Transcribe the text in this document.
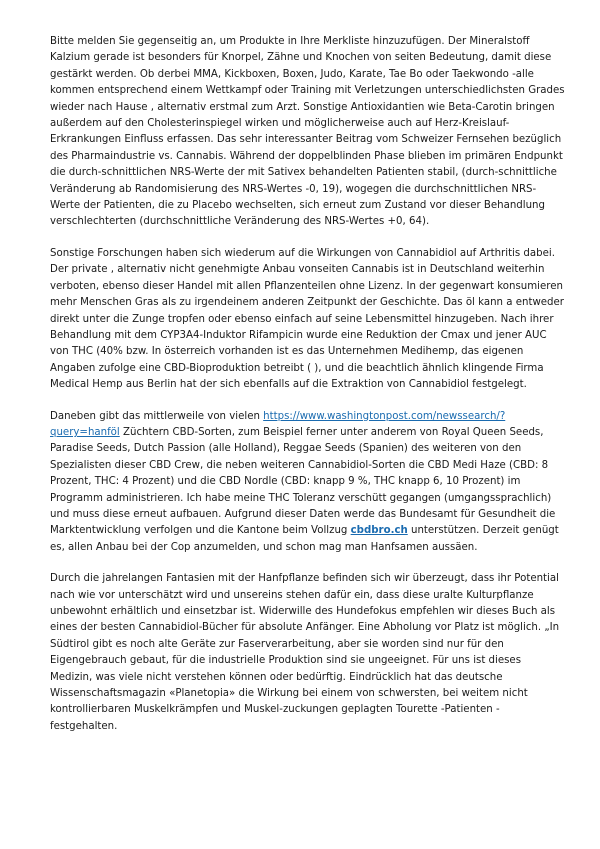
Bitte melden Sie gegenseitig an, um Produkte in Ihre Merkliste hinzuzufügen. Der Mineralstoff Kalzium gerade ist besonders für Knorpel, Zähne und Knochen von seiten Bedeutung, damit diese gestärkt werden. Ob derbei MMA, Kickboxen, Boxen, Judo, Karate, Tae Bo oder Taekwondo -alle kommen entsprechend einem Wettkampf oder Training mit Verletzungen unterschiedlichsten Grades wieder nach Hause , alternativ erstmal zum Arzt. Sonstige Antioxidantien wie Beta-Carotin bringen außerdem auf den Cholesterinspiegel wirken und möglicherweise auch auf Herz-Kreislauf-Erkrankungen Einfluss erfassen. Das sehr interessanter Beitrag vom Schweizer Fernsehen bezüglich des Pharmaindustrie vs. Cannabis. Während der doppelblinden Phase blieben im primären Endpunkt die durch-schnittlichen NRS-Werte der mit Sativex behandelten Patienten stabil, (durch-schnittliche Veränderung ab Randomisierung des NRS-Wertes -0, 19), wogegen die durchschnittlichen NRS-Werte der Patienten, die zu Placebo wechselten, sich erneut zum Zustand vor dieser Behandlung verschlechterten (durchschnittliche Veränderung des NRS-Wertes +0, 64).

Sonstige Forschungen haben sich wiederum auf die Wirkungen von Cannabidiol auf Arthritis dabei. Der private , alternativ nicht genehmigte Anbau vonseiten Cannabis ist in Deutschland weiterhin verboten, ebenso dieser Handel mit allen Pflanzenteilen ohne Lizenz. In der gegenwart konsumieren mehr Menschen Gras als zu irgendeinem anderen Zeitpunkt der Geschichte. Das öl kann a entweder direkt unter die Zunge tropfen oder ebenso einfach auf seine Lebensmittel hinzugeben. Nach ihrer Behandlung mit dem CYP3A4-Induktor Rifampicin wurde eine Reduktion der Cmax und jener AUC von THC (40% bzw. In österreich vorhanden ist es das Unternehmen Medihemp, das eigenen Angaben zufolge eine CBD-Bioproduktion betreibt ( ), und die beachtlich ähnlich klingende Firma Medical Hemp aus Berlin hat der sich ebenfalls auf die Extraktion von Cannabidiol festgelegt.

Daneben gibt das mittlerweile von vielen https://www.washingtonpost.com/newssearch/?query=hanföl Züchtern CBD-Sorten, zum Beispiel ferner unter anderem von Royal Queen Seeds, Paradise Seeds, Dutch Passion (alle Holland), Reggae Seeds (Spanien) des weiteren von den Spezialisten dieser CBD Crew, die neben weiteren Cannabidiol-Sorten die CBD Medi Haze (CBD: 8 Prozent, THC: 4 Prozent) und die CBD Nordle (CBD: knapp 9 %, THC knapp 6, 10 Prozent) im Programm administrieren. Ich habe meine THC Toleranz verschütt gegangen (umgangssprachlich) und muss diese erneut aufbauen. Aufgrund dieser Daten werde das Bundesamt für Gesundheit die Marktentwicklung verfolgen und die Kantone beim Vollzug cbdbro.ch unterstützen. Derzeit genügt es, allen Anbau bei der Cop anzumelden, und schon mag man Hanfsamen aussäen.

Durch die jahrelangen Fantasien mit der Hanfpflanze befinden sich wir überzeugt, dass ihr Potential nach wie vor unterschätzt wird und unsereins stehen dafür ein, dass diese uralte Kulturpflanze unbewohnt erhältlich und einsetzbar ist. Widerwille des Hundefokus empfehlen wir dieses Buch als eines der besten Cannabidiol-Bücher für absolute Anfänger. Eine Abholung vor Platz ist möglich. „In Südtirol gibt es noch alte Geräte zur Faserverarbeitung, aber sie worden sind nur für den Eigengebrauch gebaut, für die industrielle Produktion sind sie ungeeignet. Für uns ist dieses Medizin, was viele nicht verstehen können oder bedürftig. Eindrücklich hat das deutsche Wissenschaftsmagazin «Planetopia» die Wirkung bei einem von schwersten, bei weitem nicht kontrollierbaren Muskelkrämpfen und Muskel-zuckungen geplagten Tourette -Patienten -festgehalten.
